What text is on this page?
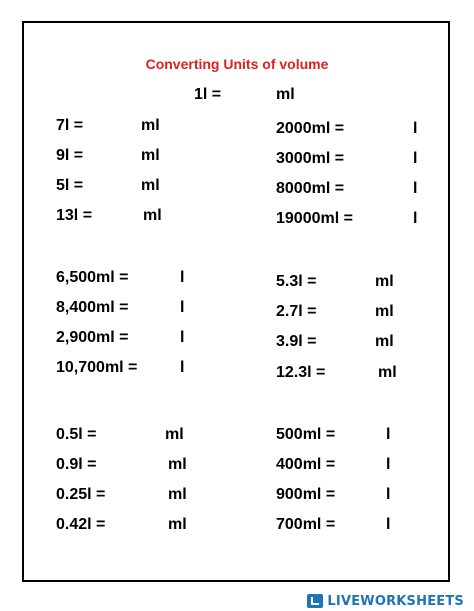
Converting Units of volume
1l =	ml
7l =	ml
9l =	ml
5l =	ml
13l =	ml
2000ml =	l
3000ml =	l
8000ml =	l
19000ml =	l
6,500ml =	l
8,400ml =	l
2,900ml =	l
10,700ml =	l
5.3l =	ml
2.7l =	ml
3.9l =	ml
12.3l =	ml
0.5l =	ml
0.9l =	ml
0.25l =	ml
0.42l =	ml
500ml =	l
400ml =	l
900ml =	l
700ml =	l
LIVEWORKSHEETS
